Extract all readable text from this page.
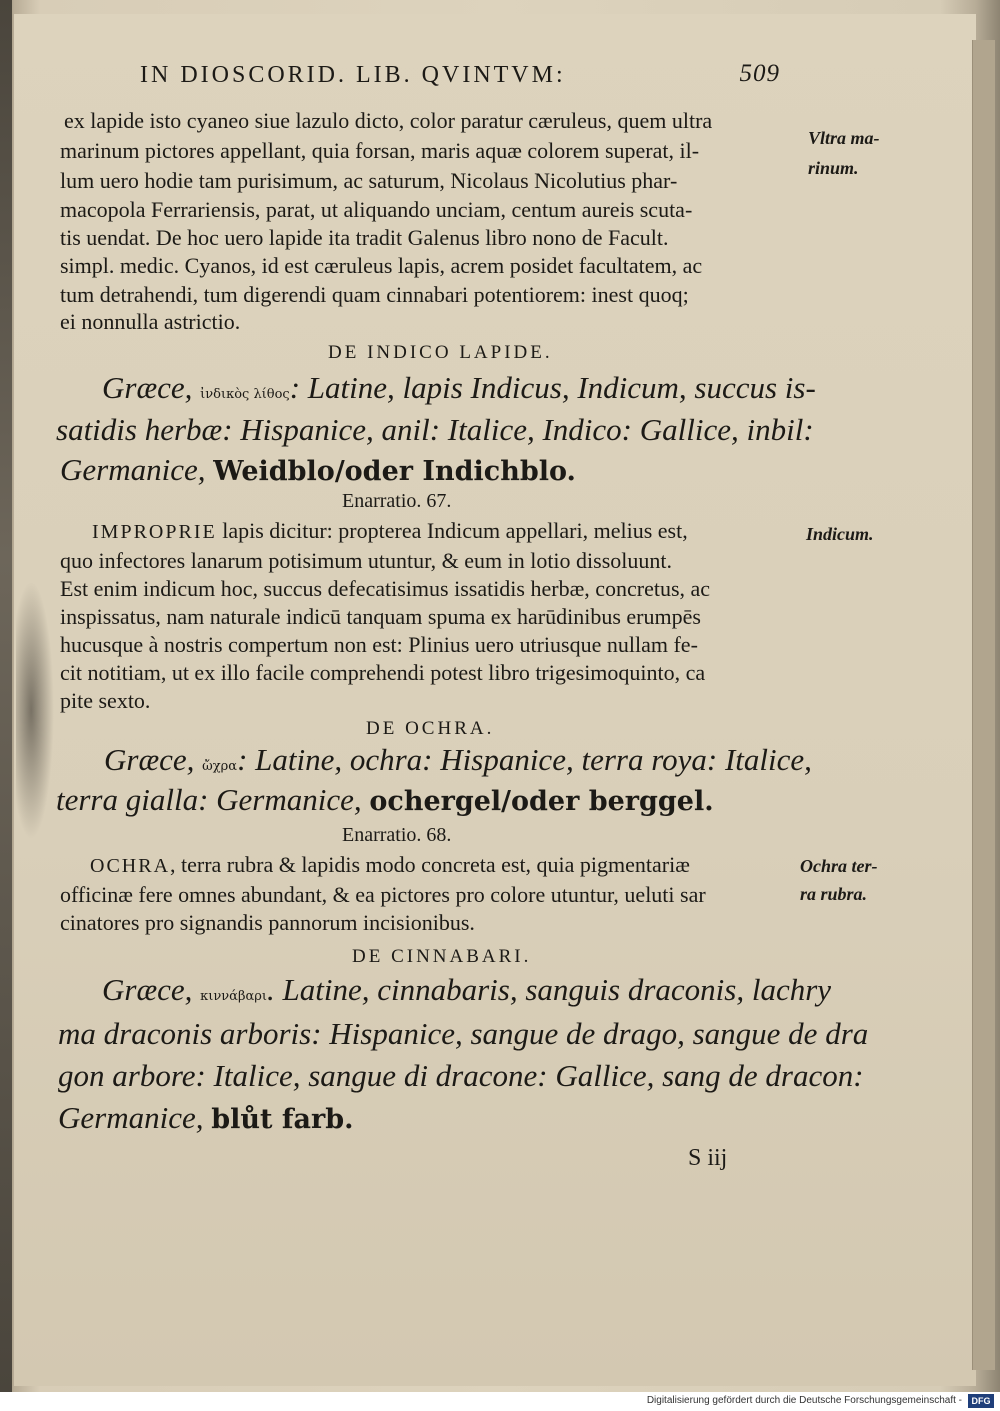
IN DIOSCORID. LIB. QVINTVM:	509
ex lapide isto cyaneo siue lazulo dicto, color paratur cæruleus, quem ultra
marinum pictores appellant, quia forsan, maris aquæ colorem superat, il-
lum uero hodie tam purisimum, ac saturum, Nicolaus Nicolutius phar-
macopola Ferrariensis, parat, ut aliquando unciam, centum aureis scuta-
tis uendat. De hoc uero lapide ita tradit Galenus libro nono de Facult.
simpl. medic. Cyanos, id est cæruleus lapis, acrem posidet facultatem, ac
tum detrahendi, tum digerendi quam cinnabari potentiorem: inest quoq;
ei nonnulla astrictio.
Vltra ma-
rinum.
DE INDICO LAPIDE.
Græce, ἰνδικὸς λίθος: Latine, lapis Indicus, Indicum, succus is-
satidis herbæ: Hispanice, anil: Italice, Indico: Gallice, inbil:
Germanice, Weidblo/oder Indichblo.
Enarratio. 67.
IMPROPRIE lapis dicitur: propterea Indicum appellari, melius est,
quo infectores lanarum potisimum utuntur, & eum in lotio dissoluunt.
Est enim indicum hoc, succus defecatisimus issatidis herbæ, concretus, ac
inspissatus, nam naturale indicū tanquam spuma ex harūdinibus erumpēs
hucusque à nostris compertum non est: Plinius uero utriusque nullam fe-
cit notitiam, ut ex illo facile comprehendi potest libro trigesimoquinto, ca
pite sexto.
Indicum.
DE OCHRA.
Græce, ὤχρα: Latine, ochra: Hispanice, terra roya: Italice,
terra gialla: Germanice, ochergel/oder berggel.
Enarratio. 68.
OCHRA, terra rubra & lapidis modo concreta est, quia pigmentariæ
officinæ fere omnes abundant, & ea pictores pro colore utuntur, ueluti sar
cinatores pro signandis pannorum incisionibus.
Ochra ter-
ra rubra.
DE CINNABARI.
Græce, κιννάβαρι. Latine, cinnabaris, sanguis draconis, lachry
ma draconis arboris: Hispanice, sangue de drago, sangue de dra
gon arbore: Italice, sangue di dracone: Gallice, sang de dracon:
Germanice, blůt farb.
S iij
Digitalisierung gefördert durch die Deutsche Forschungsgemeinschaft -	DFG
